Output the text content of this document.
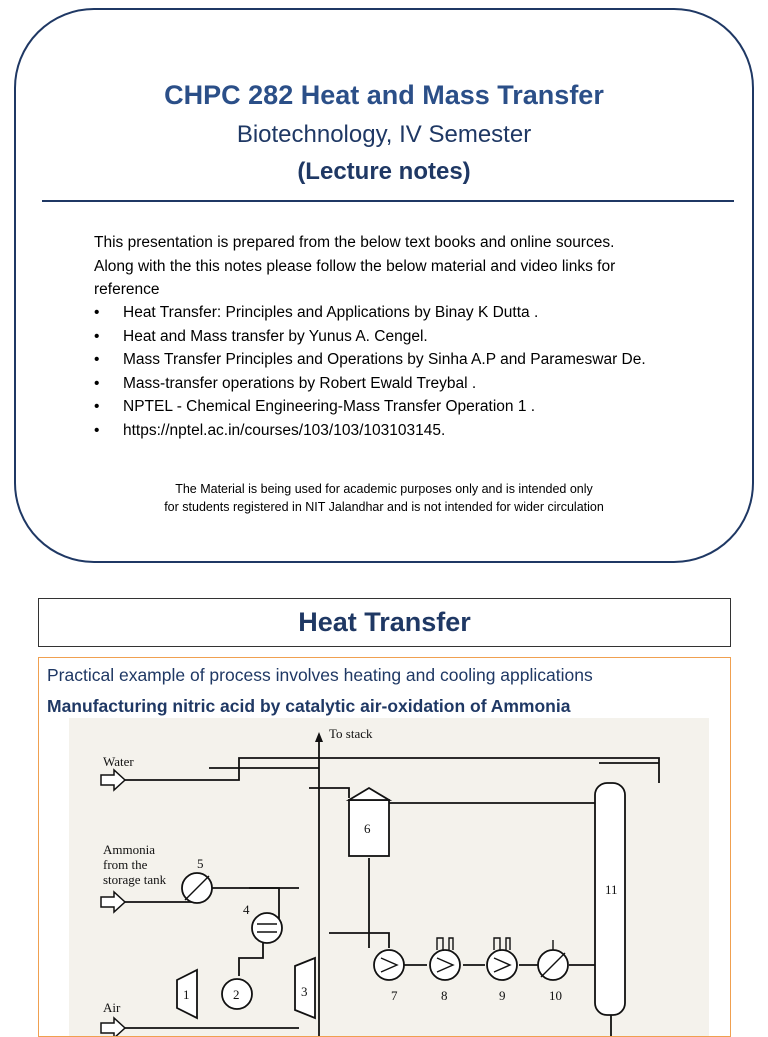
CHPC 282 Heat and Mass Transfer
Biotechnology, IV Semester
(Lecture notes)
This presentation is prepared from the below text books and online sources.
Along with the this notes please follow the below material and video links for
reference
• Heat Transfer: Principles and Applications by Binay K Dutta .
• Heat and Mass transfer by Yunus A. Cengel.
• Mass Transfer Principles and Operations by Sinha A.P and Parameswar De.
• Mass-transfer operations by Robert Ewald Treybal .
• NPTEL - Chemical Engineering-Mass Transfer Operation 1 .
• https://nptel.ac.in/courses/103/103/103103145.
The Material is being used for academic purposes only and is intended only
for students registered in NIT Jalandhar and is not intended for wider circulation
Heat Transfer
Practical example of process involves heating and cooling applications
Manufacturing nitric acid by catalytic air-oxidation of Ammonia
To stack
Water
Ammonia
from the
storage tank
Air
1	2	3
4
5
6
7	8	9	10
11
